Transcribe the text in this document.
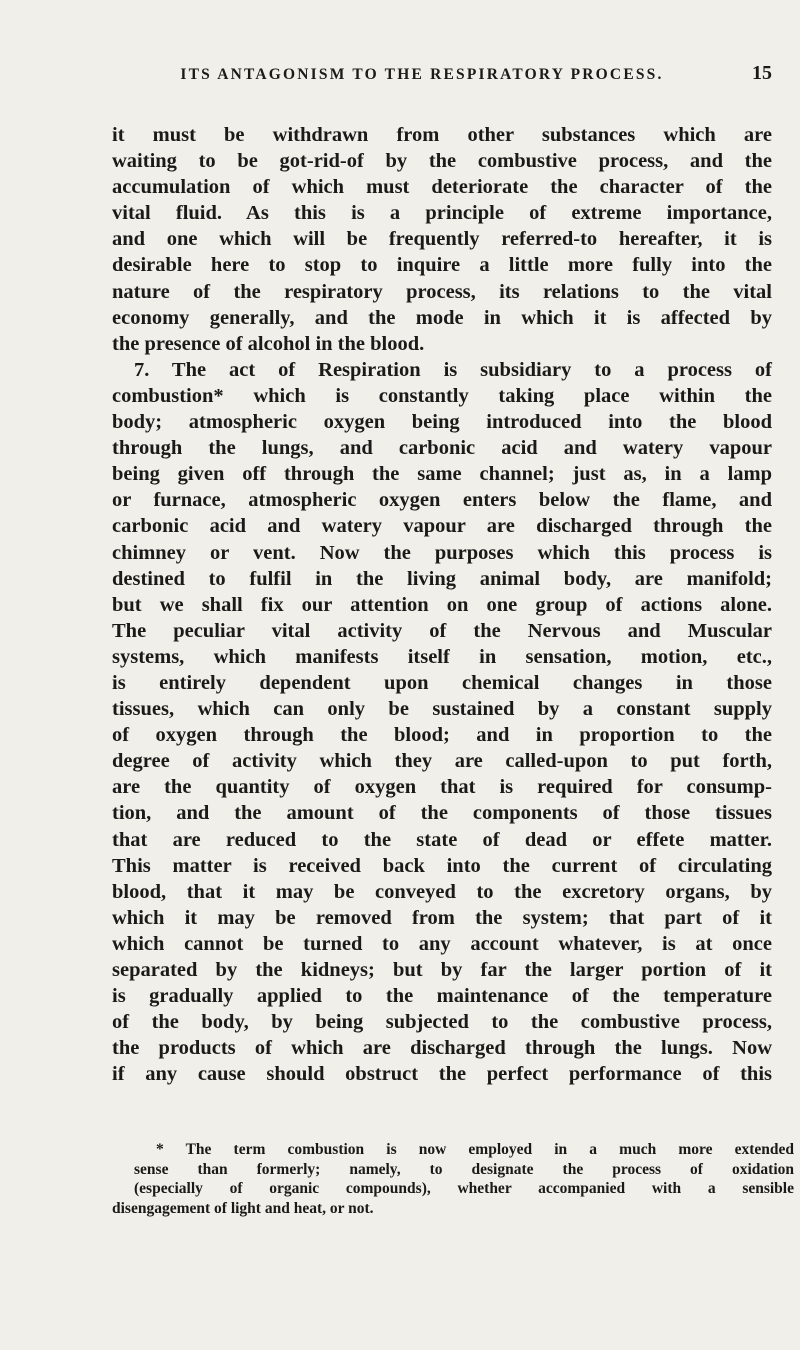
ITS ANTAGONISM TO THE RESPIRATORY PROCESS.	15

it must be withdrawn from other substances which are
waiting to be got-rid-of by the combustive process, and the
accumulation of which must deteriorate the character of the
vital fluid. As this is a principle of extreme importance,
and one which will be frequently referred-to hereafter, it is
desirable here to stop to inquire a little more fully into the
nature of the respiratory process, its relations to the vital
economy generally, and the mode in which it is affected by
the presence of alcohol in the blood.

7. The act of Respiration is subsidiary to a process of
combustion* which is constantly taking place within the
body; atmospheric oxygen being introduced into the blood
through the lungs, and carbonic acid and watery vapour
being given off through the same channel; just as, in a lamp
or furnace, atmospheric oxygen enters below the flame, and
carbonic acid and watery vapour are discharged through the
chimney or vent. Now the purposes which this process is
destined to fulfil in the living animal body, are manifold;
but we shall fix our attention on one group of actions alone.
The peculiar vital activity of the Nervous and Muscular
systems, which manifests itself in sensation, motion, etc.,
is entirely dependent upon chemical changes in those
tissues, which can only be sustained by a constant supply
of oxygen through the blood; and in proportion to the
degree of activity which they are called-upon to put forth,
are the quantity of oxygen that is required for consump-
tion, and the amount of the components of those tissues
that are reduced to the state of dead or effete matter.
This matter is received back into the current of circulating
blood, that it may be conveyed to the excretory organs, by
which it may be removed from the system; that part of it
which cannot be turned to any account whatever, is at once
separated by the kidneys; but by far the larger portion of it
is gradually applied to the maintenance of the temperature
of the body, by being subjected to the combustive process,
the products of which are discharged through the lungs. Now
if any cause should obstruct the perfect performance of this

* The term combustion is now employed in a much more extended
sense than formerly; namely, to designate the process of oxidation
(especially of organic compounds), whether accompanied with a sensible
disengagement of light and heat, or not.
